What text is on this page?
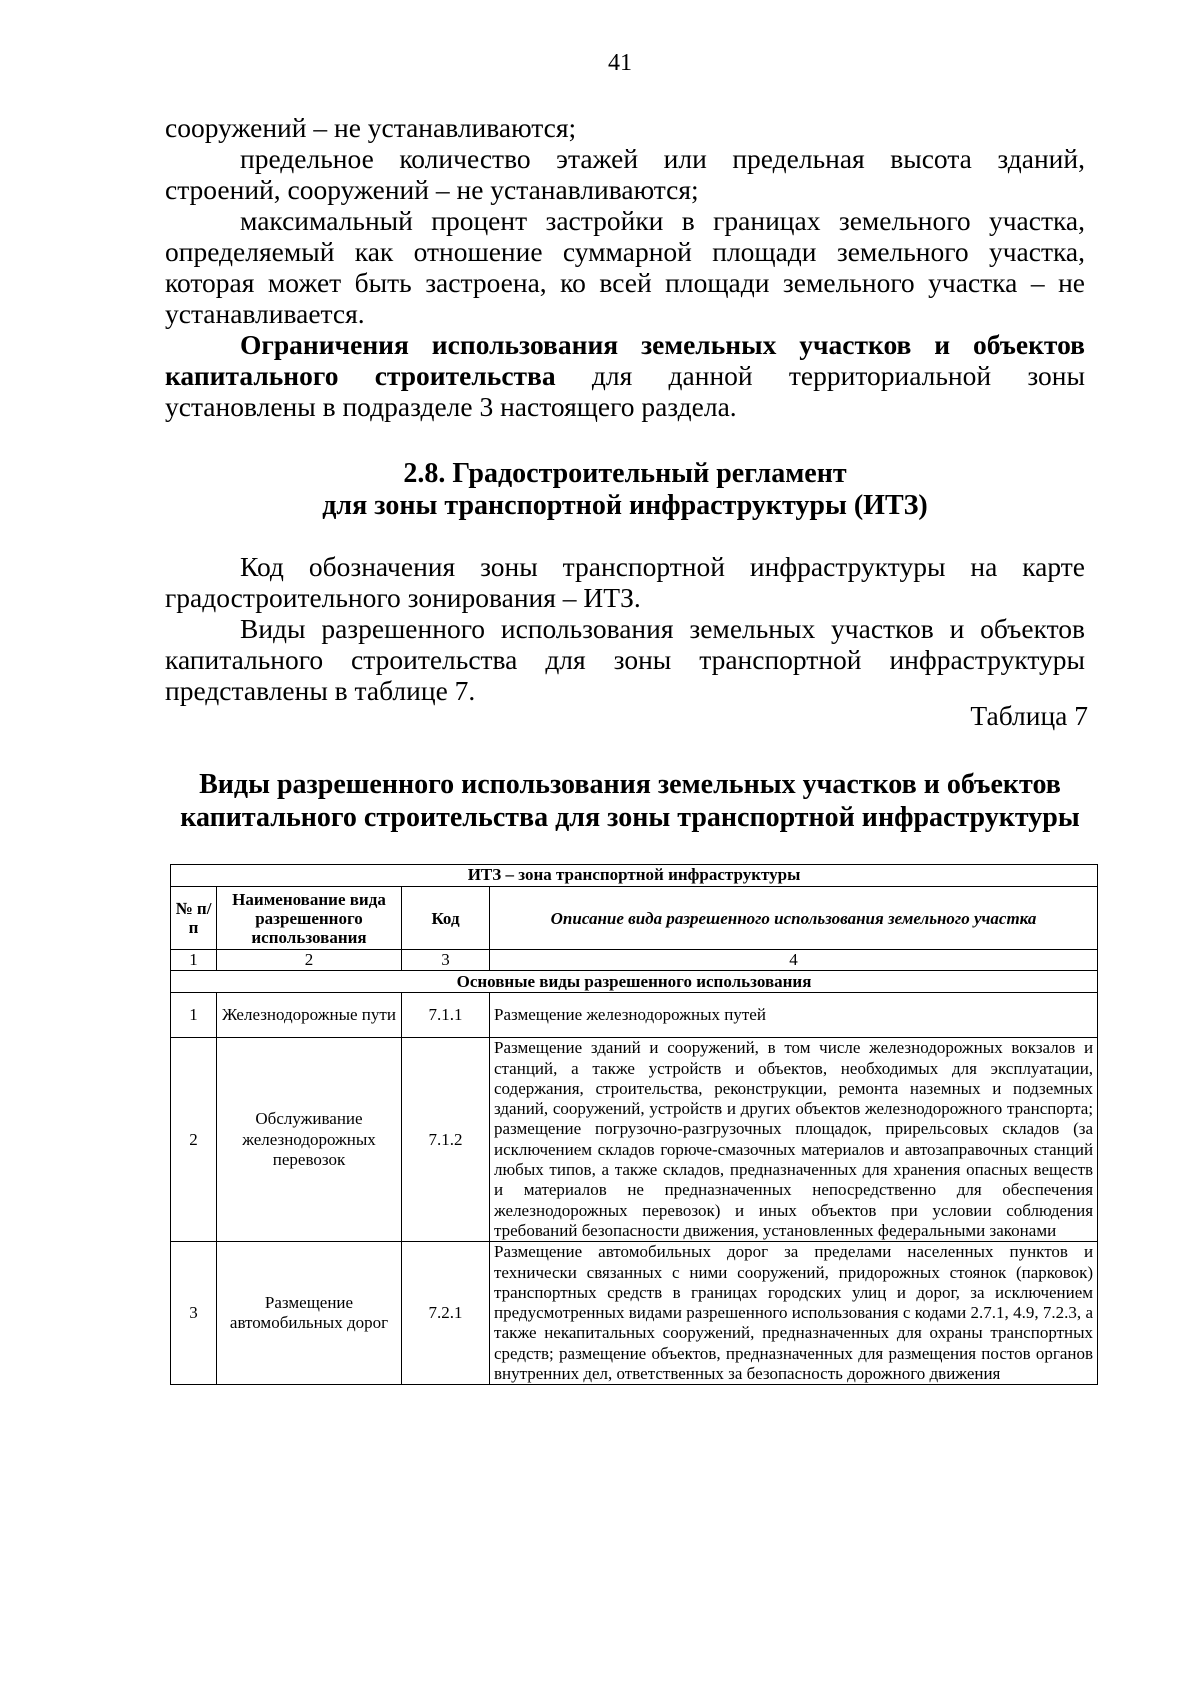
41

сооружений – не устанавливаются;

предельное количество этажей или предельная высота зданий, строений, сооружений – не устанавливаются;

максимальный процент застройки в границах земельного участка, определяемый как отношение суммарной площади земельного участка, которая может быть застроена, ко всей площади земельного участка – не устанавливается.

Ограничения использования земельных участков и объектов капитального строительства для данной территориальной зоны установлены в подразделе 3 настоящего раздела.

2.8. Градостроительный регламент
для зоны транспортной инфраструктуры (ИТЗ)

Код обозначения зоны транспортной инфраструктуры на карте градостроительного зонирования – ИТЗ.

Виды разрешенного использования земельных участков и объектов капитального строительства для зоны транспортной инфраструктуры представлены в таблице 7.

Таблица 7
Виды разрешенного использования земельных участков и объектов
капитального строительства для зоны транспортной инфраструктуры
ИТЗ – зона транспортной инфраструктуры			
№ п/п	Наименование вида разрешенного использования	Код	Описание вида разрешенного использования земельного участка
1	2	3	4
Основные виды разрешенного использования			
1	Железнодорожные пути	7.1.1	Размещение железнодорожных путей
2	Обслуживание железнодорожных перевозок	7.1.2	Размещение зданий и сооружений, в том числе железнодорожных вокзалов и станций, а также устройств и объектов, необходимых для эксплуатации, содержания, строительства, реконструкции, ремонта наземных и подземных зданий, сооружений, устройств и других объектов железнодорожного транспорта; размещение погрузочно-разгрузочных площадок, прирельсовых складов (за исключением складов горюче-смазочных материалов и автозаправочных станций любых типов, а также складов, предназначенных для хранения опасных веществ и материалов не предназначенных непосредственно для обеспечения железнодорожных перевозок) и иных объектов при условии соблюдения требований безопасности движения, установленных федеральными законами
3	Размещение автомобильных дорог	7.2.1	Размещение автомобильных дорог за пределами населенных пунктов и технически связанных с ними сооружений, придорожных стоянок (парковок) транспортных средств в границах городских улиц и дорог, за исключением предусмотренных видами разрешенного использования с кодами 2.7.1, 4.9, 7.2.3, а также некапитальных сооружений, предназначенных для охраны транспортных средств; размещение объектов, предназначенных для размещения постов органов внутренних дел, ответственных за безопасность дорожного движения
